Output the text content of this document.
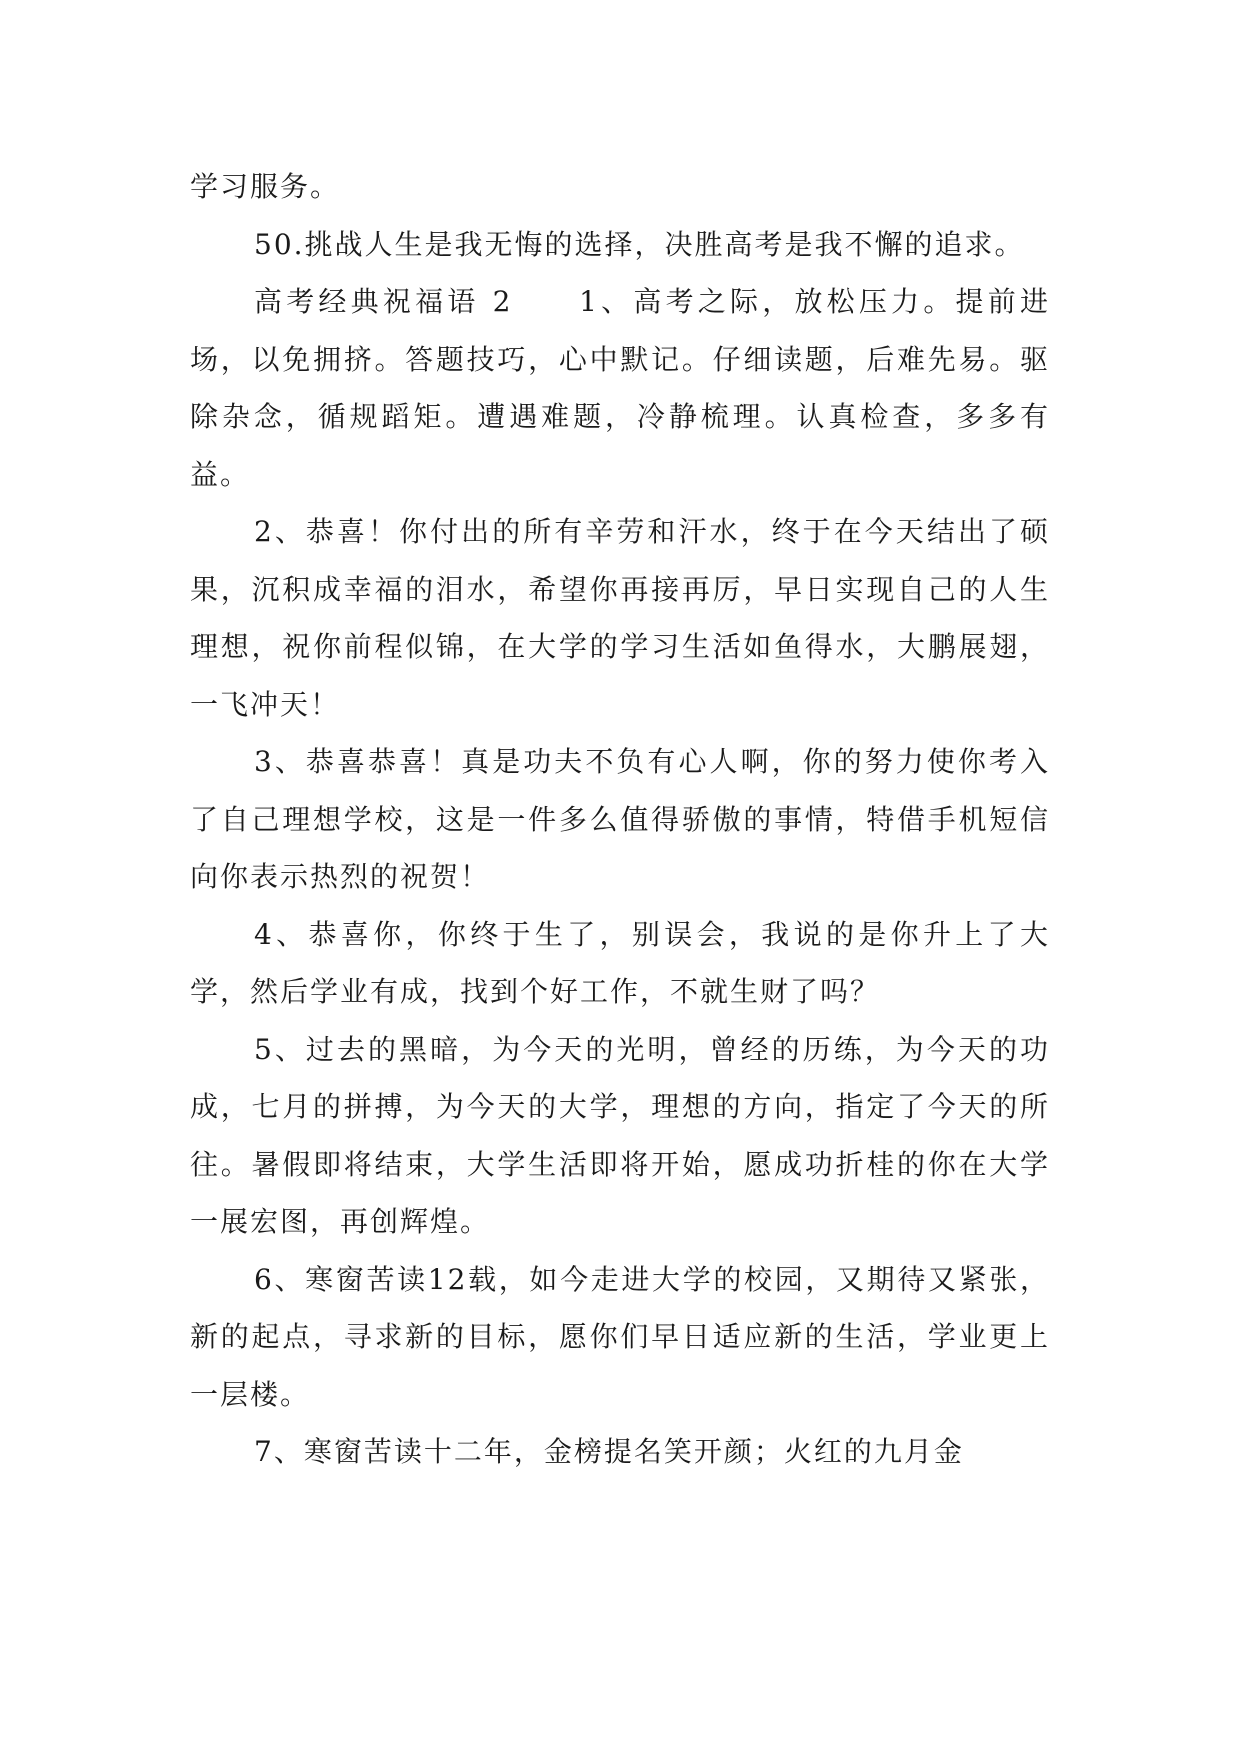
学习服务。

50.挑战人生是我无悔的选择，决胜高考是我不懈的追求。

高考经典祝福语 2　　1、高考之际，放松压力。提前进场，以免拥挤。答题技巧，心中默记。仔细读题，后难先易。驱除杂念，循规蹈矩。遭遇难题，冷静梳理。认真检查，多多有益。

2、恭喜！你付出的所有辛劳和汗水，终于在今天结出了硕果，沉积成幸福的泪水，希望你再接再厉，早日实现自己的人生理想，祝你前程似锦，在大学的学习生活如鱼得水，大鹏展翅，一飞冲天！

3、恭喜恭喜！真是功夫不负有心人啊，你的努力使你考入了自己理想学校，这是一件多么值得骄傲的事情，特借手机短信向你表示热烈的祝贺！

4、恭喜你，你终于生了，别误会，我说的是你升上了大学，然后学业有成，找到个好工作，不就生财了吗？

5、过去的黑暗，为今天的光明，曾经的历练，为今天的功成，七月的拼搏，为今天的大学，理想的方向，指定了今天的所往。暑假即将结束，大学生活即将开始，愿成功折桂的你在大学一展宏图，再创辉煌。

6、寒窗苦读12载，如今走进大学的校园，又期待又紧张，新的起点，寻求新的目标，愿你们早日适应新的生活，学业更上一层楼。

7、寒窗苦读十二年，金榜提名笑开颜；火红的九月金
